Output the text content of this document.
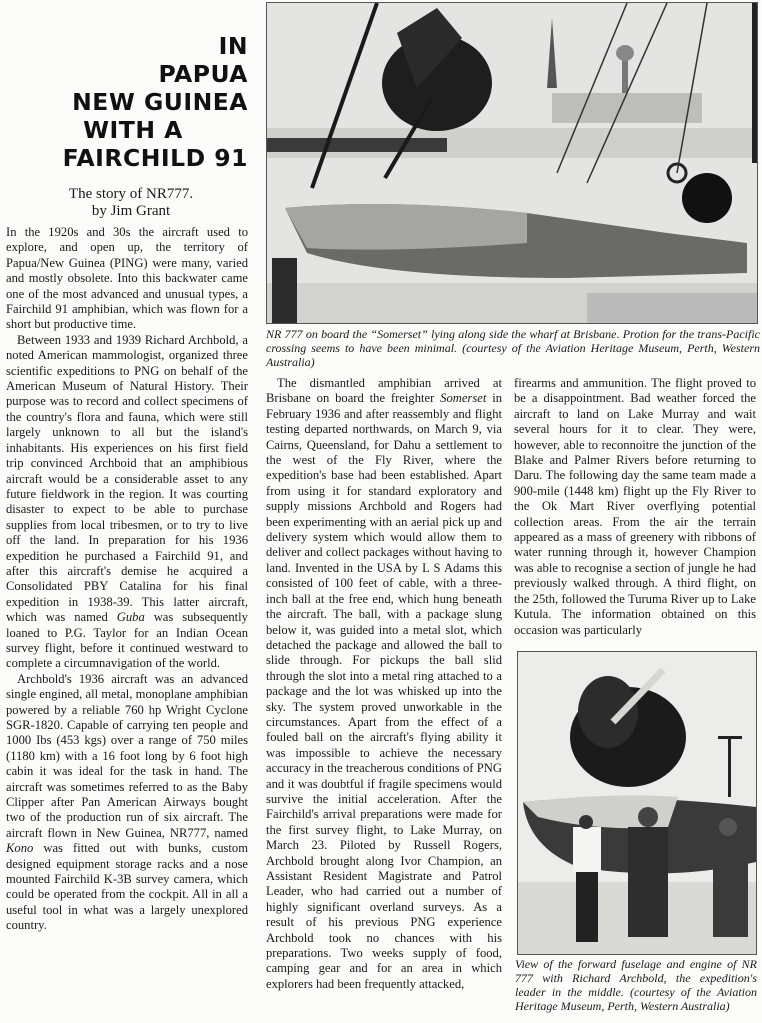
IN
PAPUA
NEW GUINEA
WITH A
FAIRCHILD 91
The story of NR777.
by Jim Grant

In the 1920s and 30s the aircraft used to explore, and open up, the territory of Papua/New Guinea (PING) were many, varied and mostly obsolete. Into this backwater came one of the most advanced and unusual types, a Fairchild 91 amphibian, which was flown for a short but productive time.

Between 1933 and 1939 Richard Archbold, a noted American mammologist, organized three scientific expeditions to PNG on behalf of the American Museum of Natural History. Their purpose was to record and collect specimens of the country's flora and fauna, which were still largely unknown to all but the island's inhabitants. His experiences on his first field trip convinced Archboid that an amphibious aircraft would be a considerable asset to any future fieldwork in the region. It was courting disaster to expect to be able to purchase supplies from local tribesmen, or to try to live off the land. In preparation for his 1936 expedition he purchased a Fairchild 91, and after this aircraft's demise he acquired a Consolidated PBY Catalina for his final expedition in 1938-39. This latter aircraft, which was named Guba was subsequently loaned to P.G. Taylor for an Indian Ocean survey flight, before it continued westward to complete a circumnavigation of the world.

Archbold's 1936 aircraft was an advanced single engined, all metal, monoplane amphibian powered by a reliable 760 hp Wright Cyclone SGR-1820. Capable of carrying ten people and 1000 Ibs (453 kgs) over a range of 750 miles (1180 km) with a 16 foot long by 6 foot high cabin it was ideal for the task in hand. The aircraft was sometimes referred to as the Baby Clipper after Pan American Airways bought two of the production run of six aircraft. The aircraft flown in New Guinea, NR777, named Kono was fitted out with bunks, custom designed equipment storage racks and a nose mounted Fairchild K-3B survey camera, which could be operated from the cockpit. All in all a useful tool in what was a largely unexplored country.

NR 777 on board the “Somerset” lying along side the wharf at Brisbane. Protion for the trans-Pacific crossing seems to have been minimal. (courtesy of the Aviation Heritage Museum, Perth, Western Australia)

The dismantled amphibian arrived at Brisbane on board the freighter Somerset in February 1936 and after reassembly and flight testing departed northwards, on March 9, via Cairns, Queensland, for Dahu a settlement to the west of the Fly River, where the expedition's base had been established. Apart from using it for standard exploratory and supply missions Archbold and Rogers had been experimenting with an aerial pick up and delivery system which would allow them to deliver and collect packages without having to land. Invented in the USA by L S Adams this consisted of 100 feet of cable, with a three-inch ball at the free end, which hung beneath the aircraft. The ball, with a package slung below it, was guided into a metal slot, which detached the package and allowed the ball to slide through. For pickups the ball slid through the slot into a metal ring attached to a package and the lot was whisked up into the sky. The system proved unworkable in the circumstances. Apart from the effect of a fouled ball on the aircraft's flying ability it was impossible to achieve the necessary accuracy in the treacherous conditions of PNG and it was doubtful if fragile specimens would survive the initial acceleration. After the Fairchild's arrival preparations were made for the first survey flight, to Lake Murray, on March 23. Piloted by Russell Rogers, Archbold brought along Ivor Champion, an Assistant Resident Magistrate and Patrol Leader, who had carried out a number of highly significant overland surveys. As a result of his previous PNG experience Archbold took no chances with his preparations. Two weeks supply of food, camping gear and for an area in which explorers had been frequently attacked,

firearms and ammunition. The flight proved to be a disappointment. Bad weather forced the aircraft to land on Lake Murray and wait several hours for it to clear. They were, however, able to reconnoitre the junction of the Blake and Palmer Rivers before returning to Daru. The following day the same team made a 900-mile (1448 km) flight up the Fly River to the Ok Mart River overflying potential collection areas. From the air the terrain appeared as a mass of greenery with ribbons of water running through it, however Champion was able to recognise a section of jungle he had previously walked through. A third flight, on the 25th, followed the Turuma River up to Lake Kutula. The information obtained on this occasion was particularly

View of the forward fuselage and engine of NR 777 with Richard Archbold, the expedition's leader in the middle. (courtesy of the Aviation Heritage Museum, Perth, Western Australia)
